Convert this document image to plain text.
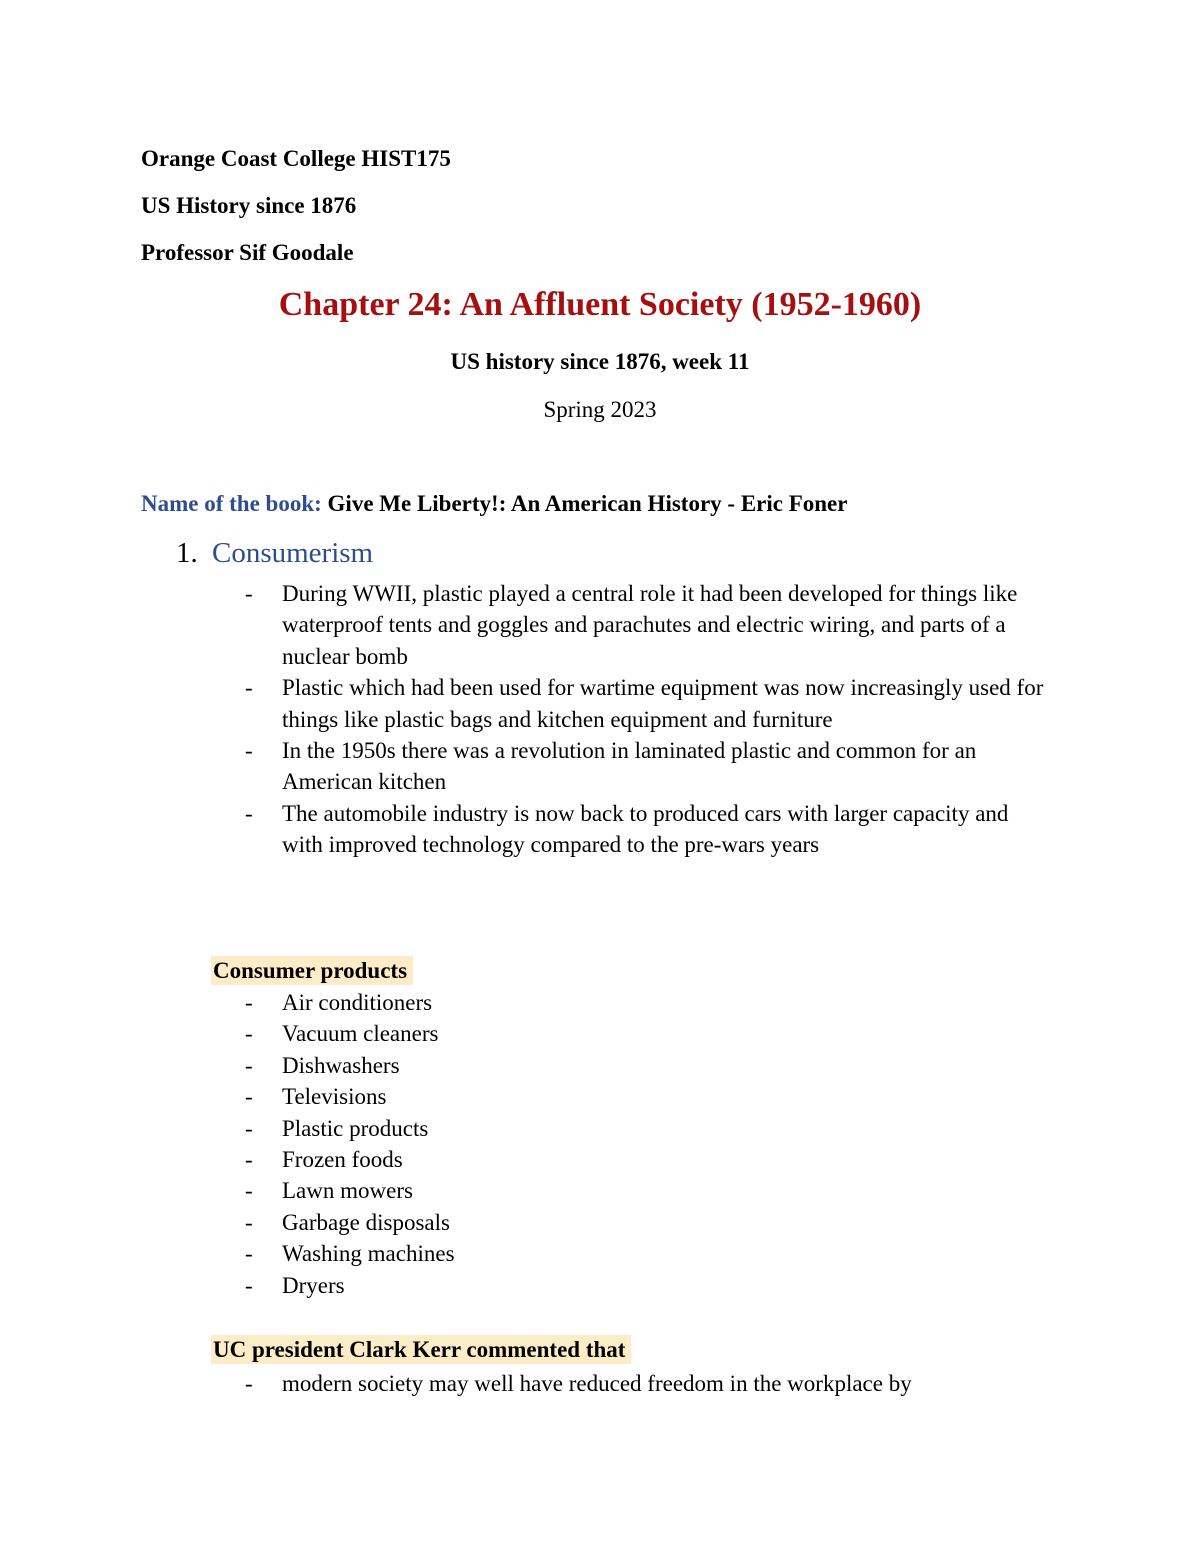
Orange Coast College HIST175

US History since 1876

Professor Sif Goodale

Chapter 24: An Affluent Society (1952-1960)

US history since 1876, week 11

Spring 2023

Name of the book: Give Me Liberty!: An American History - Eric Foner

1. Consumerism

- During WWII, plastic played a central role it had been developed for things like waterproof tents and goggles and parachutes and electric wiring, and parts of a nuclear bomb
- Plastic which had been used for wartime equipment was now increasingly used for things like plastic bags and kitchen equipment and furniture
- In the 1950s there was a revolution in laminated plastic and common for an American kitchen
- The automobile industry is now back to produced cars with larger capacity and with improved technology compared to the pre-wars years

Consumer products

- Air conditioners
- Vacuum cleaners
- Dishwashers
- Televisions
- Plastic products
- Frozen foods
- Lawn mowers
- Garbage disposals
- Washing machines
- Dryers

UC president Clark Kerr commented that

- modern society may well have reduced freedom in the workplace by
